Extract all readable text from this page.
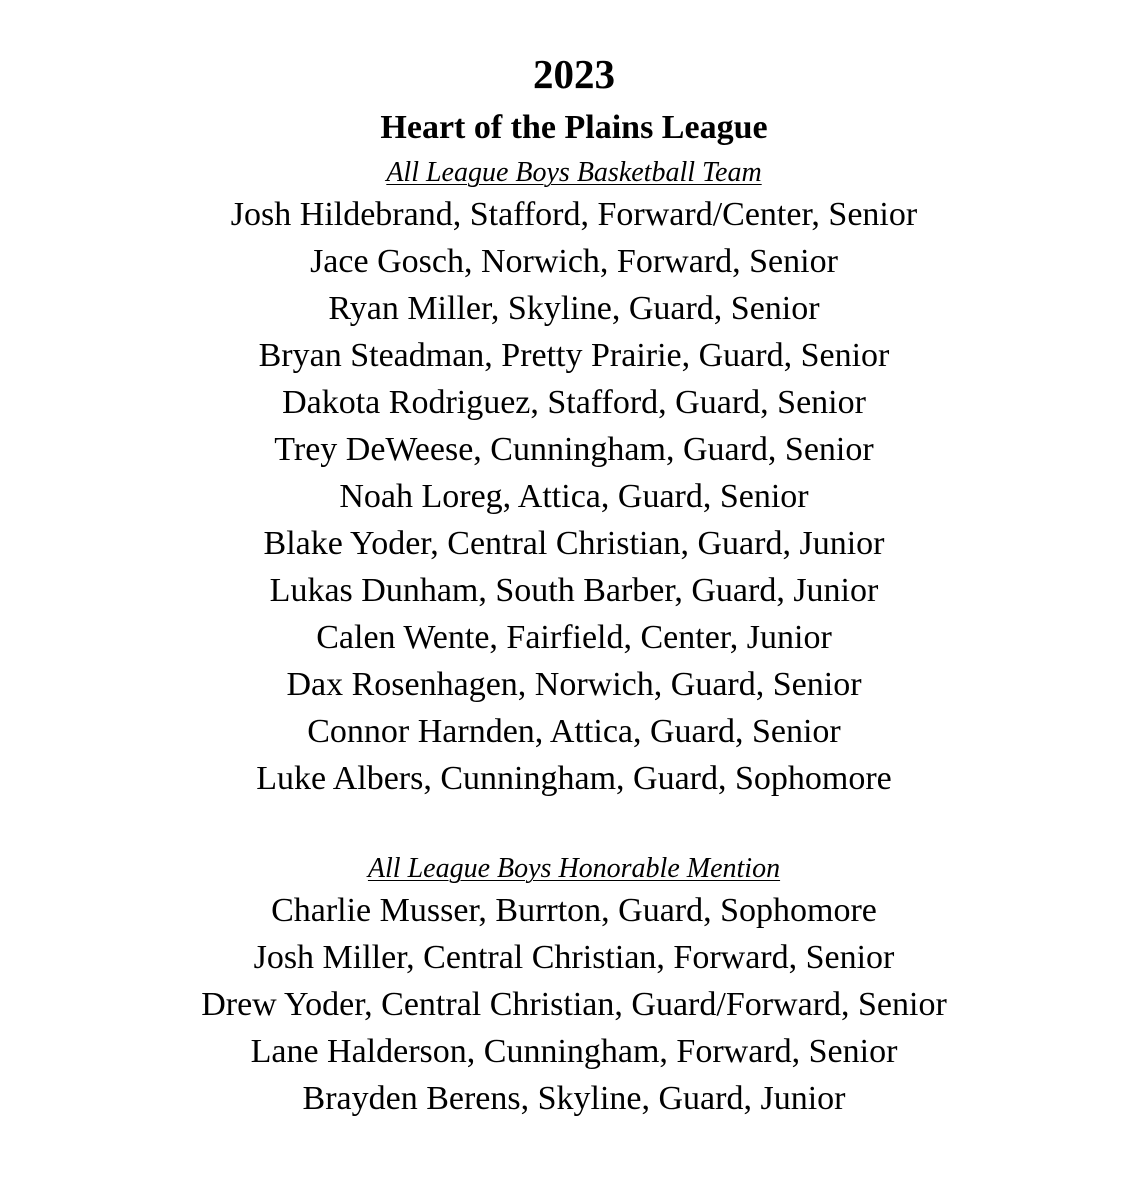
2023
Heart of the Plains League
All League Boys Basketball Team
Josh Hildebrand, Stafford, Forward/Center, Senior
Jace Gosch, Norwich, Forward, Senior
Ryan Miller, Skyline, Guard, Senior
Bryan Steadman, Pretty Prairie, Guard, Senior
Dakota Rodriguez, Stafford, Guard, Senior
Trey DeWeese, Cunningham, Guard, Senior
Noah Loreg, Attica, Guard, Senior
Blake Yoder, Central Christian, Guard, Junior
Lukas Dunham, South Barber, Guard, Junior
Calen Wente, Fairfield, Center, Junior
Dax Rosenhagen, Norwich, Guard, Senior
Connor Harnden, Attica, Guard, Senior
Luke Albers, Cunningham, Guard, Sophomore
All League Boys Honorable Mention
Charlie Musser, Burrton, Guard, Sophomore
Josh Miller, Central Christian, Forward, Senior
Drew Yoder, Central Christian, Guard/Forward, Senior
Lane Halderson, Cunningham, Forward, Senior
Brayden Berens, Skyline, Guard, Junior
